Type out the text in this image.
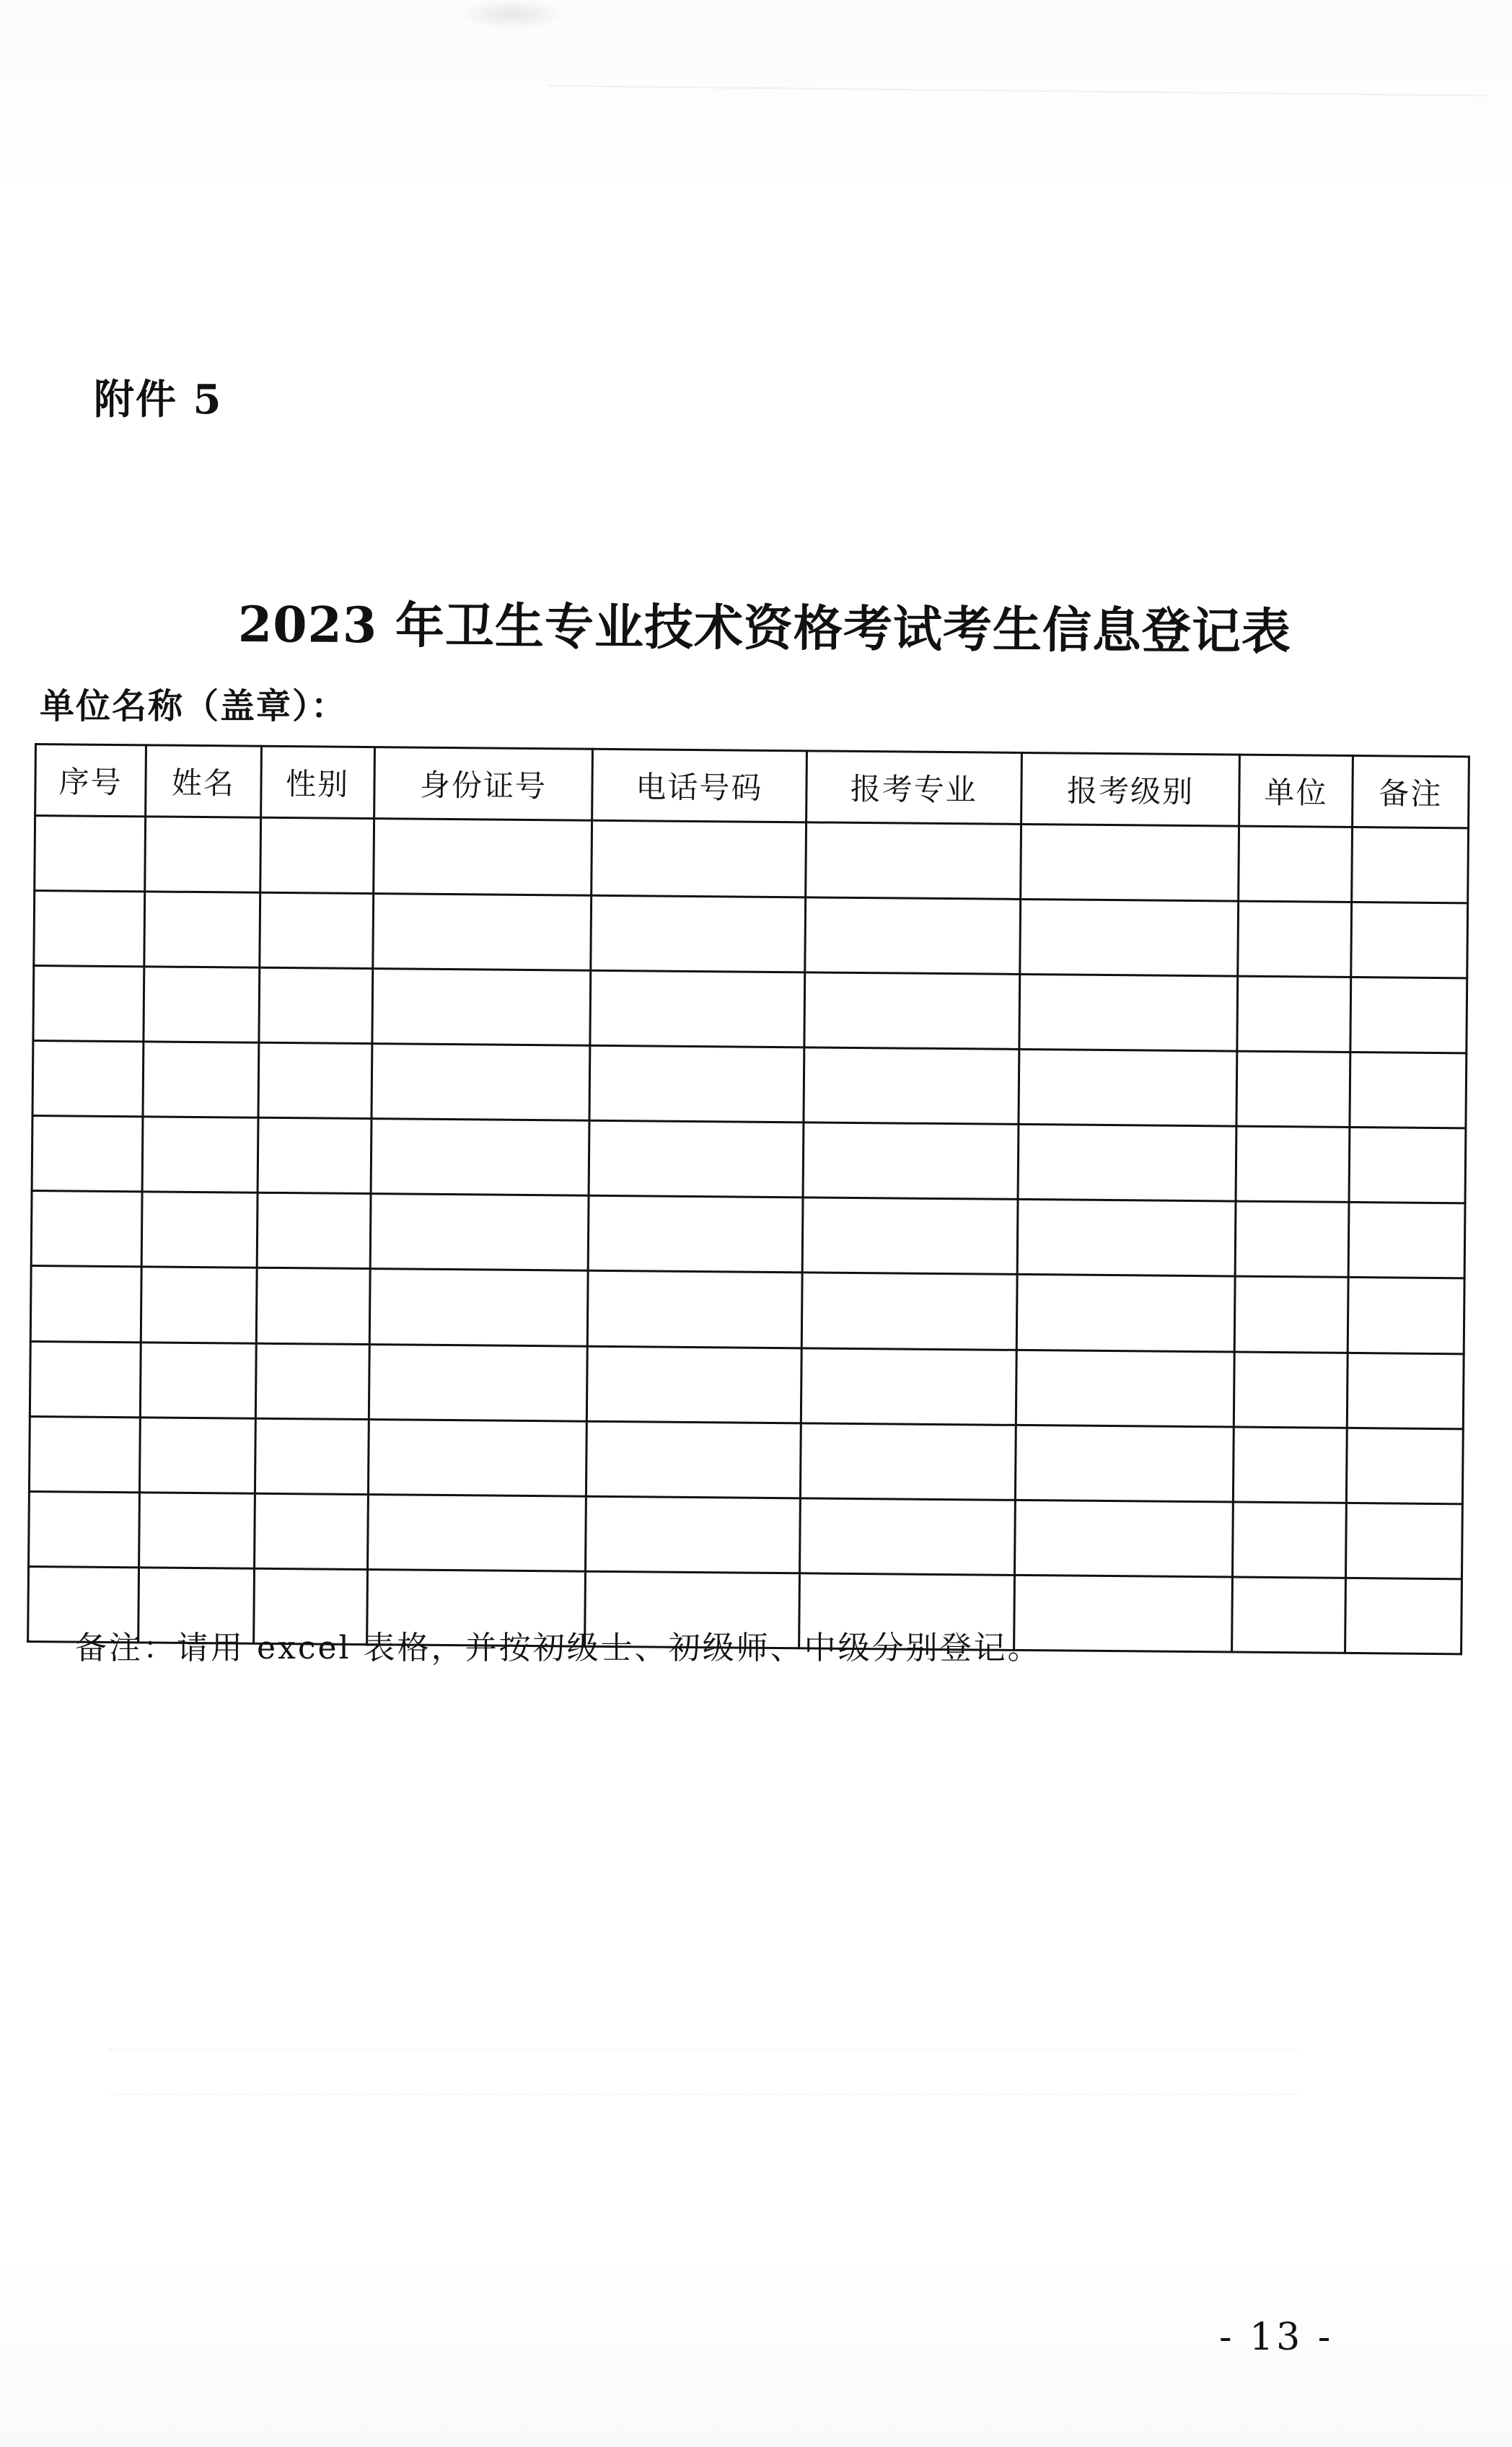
附件 5
2023 年卫生专业技术资格考试考生信息登记表
单位名称（盖章）：
序号	姓名	性别	身份证号	电话号码	报考专业	报考级别	单位	备注

备注：请用 excel 表格，并按初级士、初级师、中级分别登记。
- 13 -
